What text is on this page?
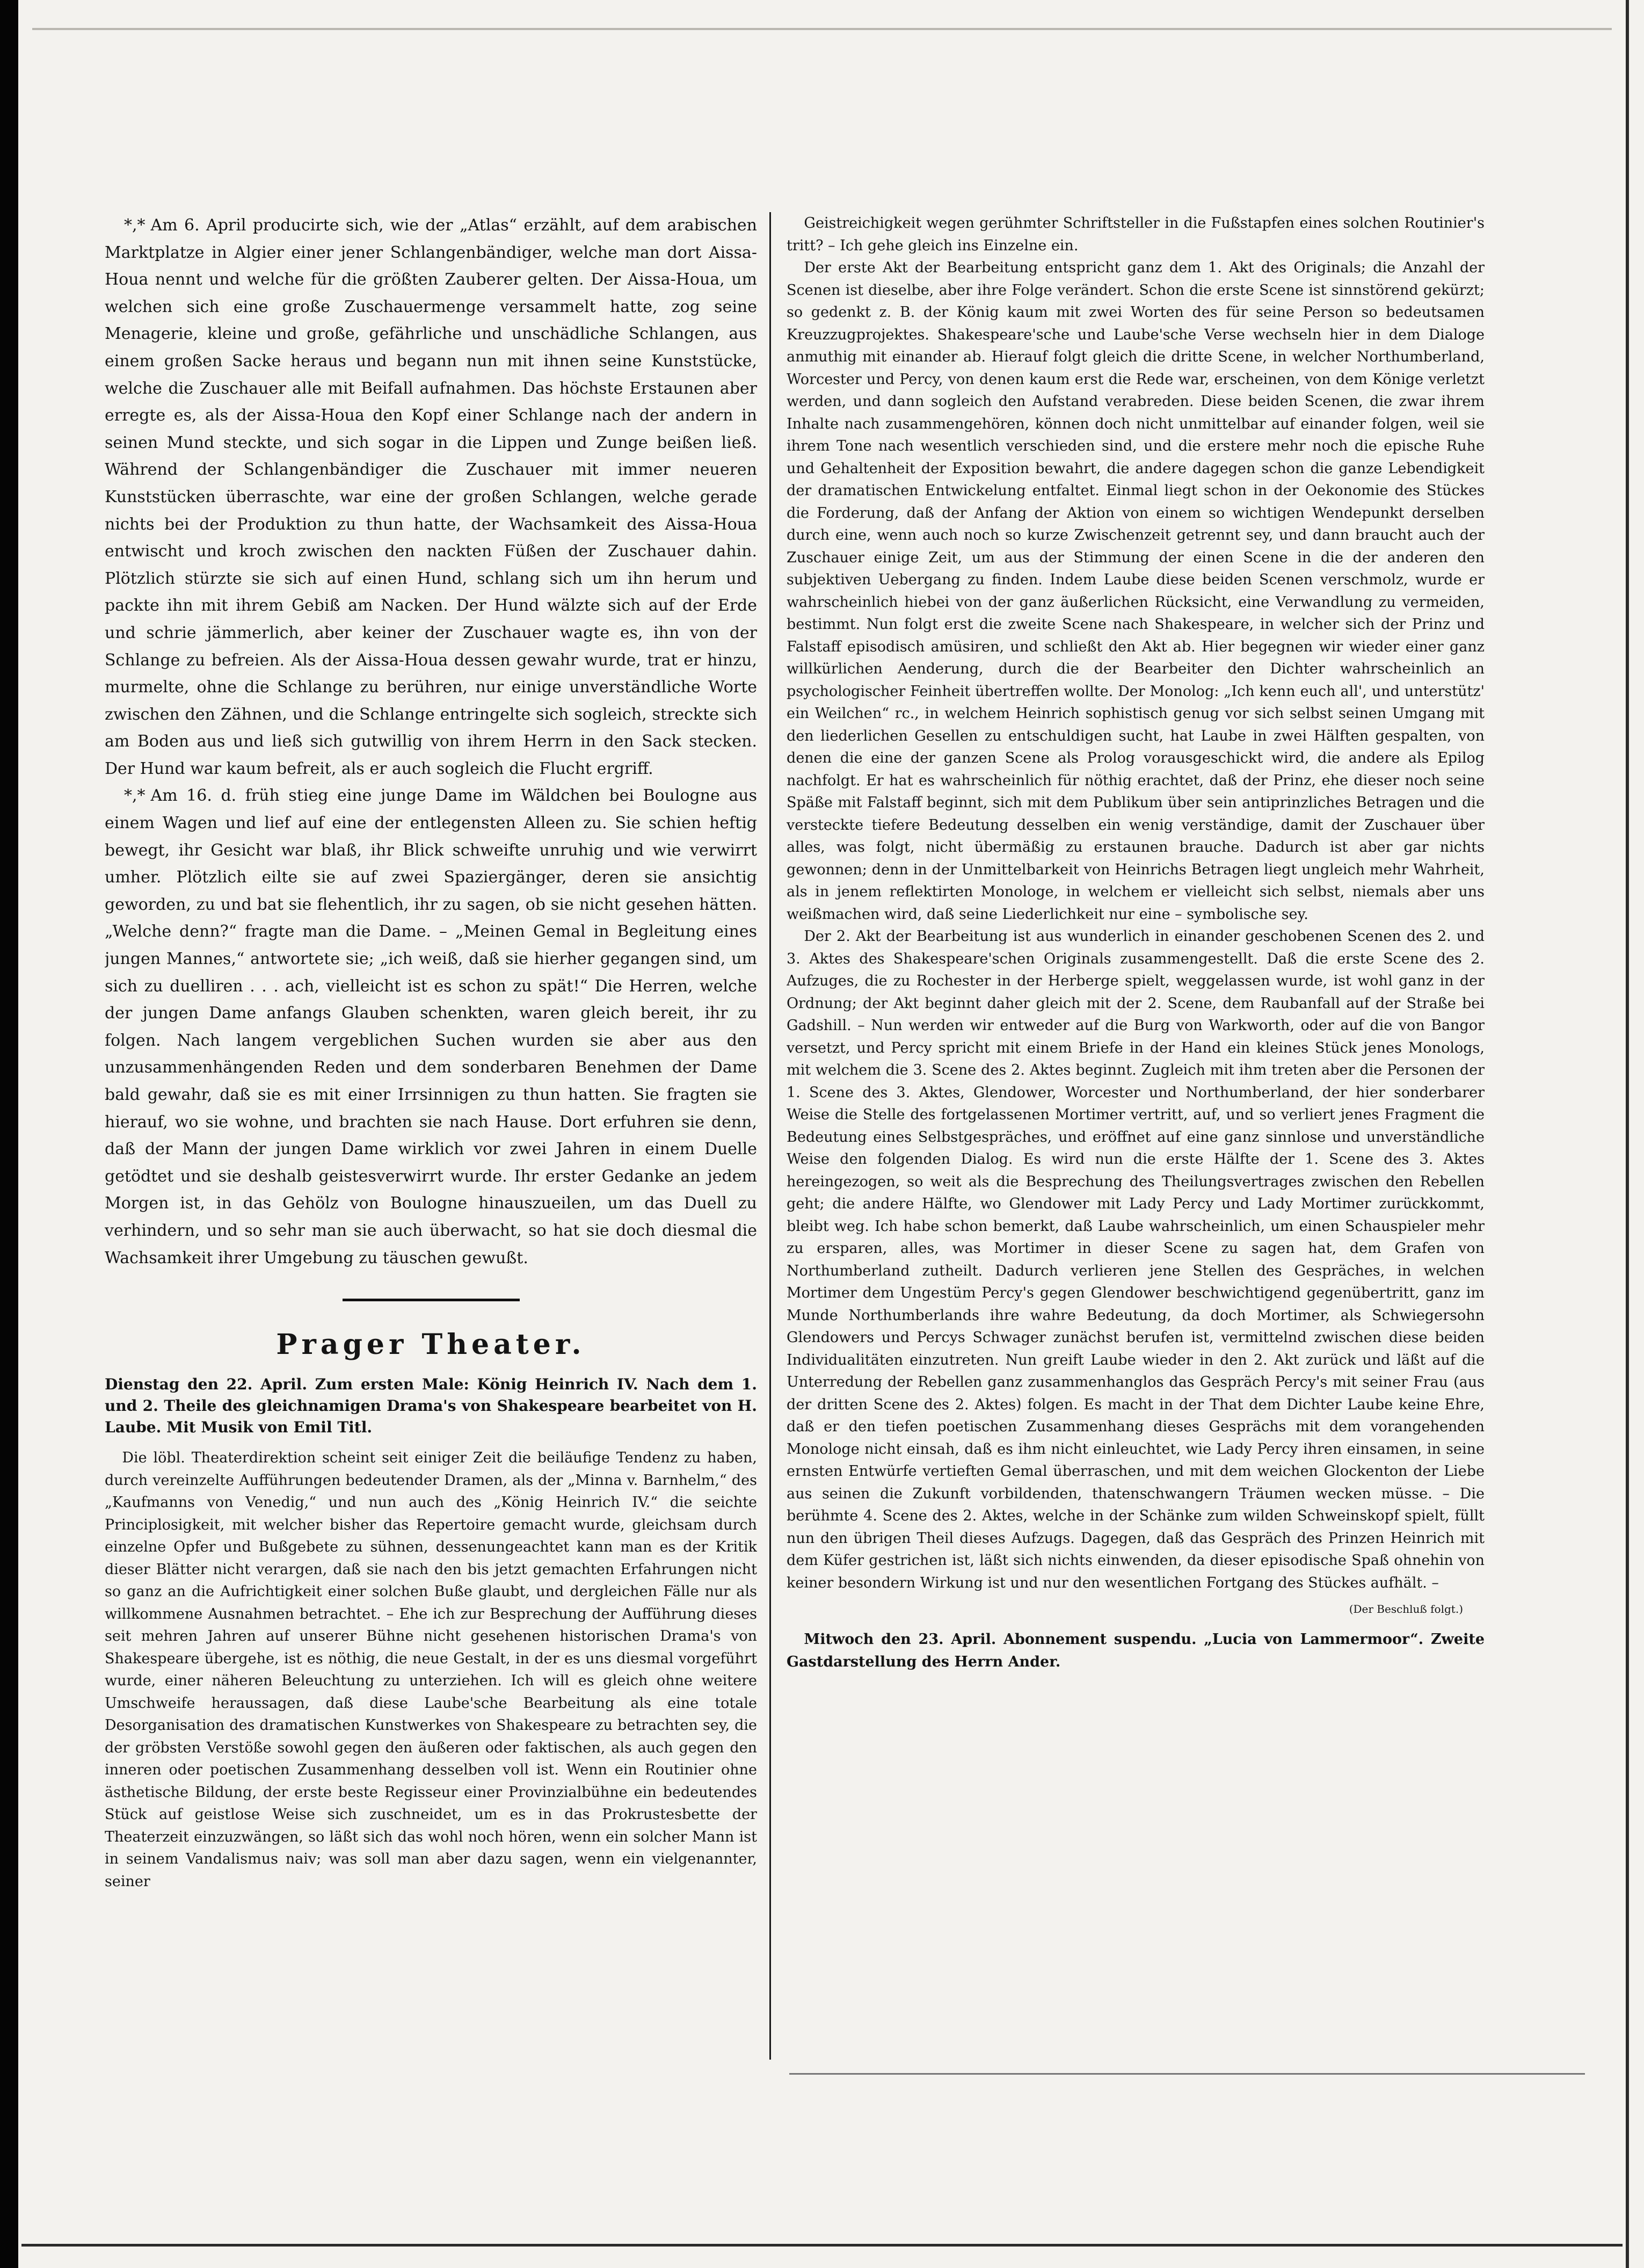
*,* Am 6. April producirte sich, wie der „Atlas“ erzählt, auf dem arabischen Marktplatze in Algier einer jener Schlangenbändiger, welche man dort Aissa-Houa nennt und welche für die größten Zauberer gelten. Der Aissa-Houa, um welchen sich eine große Zuschauermenge versammelt hatte, zog seine Menagerie, kleine und große, gefährliche und unschädliche Schlangen, aus einem großen Sacke heraus und begann nun mit ihnen seine Kunststücke, welche die Zuschauer alle mit Beifall aufnahmen. Das höchste Erstaunen aber erregte es, als der Aissa-Houa den Kopf einer Schlange nach der andern in seinen Mund steckte, und sich sogar in die Lippen und Zunge beißen ließ. Während der Schlangenbändiger die Zuschauer mit immer neueren Kunststücken überraschte, war eine der großen Schlangen, welche gerade nichts bei der Produktion zu thun hatte, der Wachsamkeit des Aissa-Houa entwischt und kroch zwischen den nackten Füßen der Zuschauer dahin. Plötzlich stürzte sie sich auf einen Hund, schlang sich um ihn herum und packte ihn mit ihrem Gebiß am Nacken. Der Hund wälzte sich auf der Erde und schrie jämmerlich, aber keiner der Zuschauer wagte es, ihn von der Schlange zu befreien. Als der Aissa-Houa dessen gewahr wurde, trat er hinzu, murmelte, ohne die Schlange zu berühren, nur einige unverständliche Worte zwischen den Zähnen, und die Schlange entringelte sich sogleich, streckte sich am Boden aus und ließ sich gutwillig von ihrem Herrn in den Sack stecken. Der Hund war kaum befreit, als er auch sogleich die Flucht ergriff.

*,* Am 16. d. früh stieg eine junge Dame im Wäldchen bei Boulogne aus einem Wagen und lief auf eine der entlegensten Alleen zu. Sie schien heftig bewegt, ihr Gesicht war blaß, ihr Blick schweifte unruhig und wie verwirrt umher. Plötzlich eilte sie auf zwei Spaziergänger, deren sie ansichtig geworden, zu und bat sie flehentlich, ihr zu sagen, ob sie nicht gesehen hätten. „Welche denn?“ fragte man die Dame. – „Meinen Gemal in Begleitung eines jungen Mannes,“ antwortete sie; „ich weiß, daß sie hierher gegangen sind, um sich zu duelliren . . . ach, vielleicht ist es schon zu spät!“ Die Herren, welche der jungen Dame anfangs Glauben schenkten, waren gleich bereit, ihr zu folgen. Nach langem vergeblichen Suchen wurden sie aber aus den unzusammenhängenden Reden und dem sonderbaren Benehmen der Dame bald gewahr, daß sie es mit einer Irrsinnigen zu thun hatten. Sie fragten sie hierauf, wo sie wohne, und brachten sie nach Hause. Dort erfuhren sie denn, daß der Mann der jungen Dame wirklich vor zwei Jahren in einem Duelle getödtet und sie deshalb geistesverwirrt wurde. Ihr erster Gedanke an jedem Morgen ist, in das Gehölz von Boulogne hinauszueilen, um das Duell zu verhindern, und so sehr man sie auch überwacht, so hat sie doch diesmal die Wachsamkeit ihrer Umgebung zu täuschen gewußt.

Prager Theater.
Dienstag den 22. April. Zum ersten Male: König Heinrich IV. Nach dem 1. und 2. Theile des gleichnamigen Drama's von Shakespeare bearbeitet von H. Laube. Mit Musik von Emil Titl.

Die löbl. Theaterdirektion scheint seit einiger Zeit die beiläufige Tendenz zu haben, durch vereinzelte Aufführungen bedeutender Dramen, als der „Minna v. Barnhelm,“ des „Kaufmanns von Venedig,“ und nun auch des „König Heinrich IV.“ die seichte Principlosigkeit, mit welcher bisher das Repertoire gemacht wurde, gleichsam durch einzelne Opfer und Bußgebete zu sühnen, dessenungeachtet kann man es der Kritik dieser Blätter nicht verargen, daß sie nach den bis jetzt gemachten Erfahrungen nicht so ganz an die Aufrichtigkeit einer solchen Buße glaubt, und dergleichen Fälle nur als willkommene Ausnahmen betrachtet. – Ehe ich zur Besprechung der Aufführung dieses seit mehren Jahren auf unserer Bühne nicht gesehenen historischen Drama's von Shakespeare übergehe, ist es nöthig, die neue Gestalt, in der es uns diesmal vorgeführt wurde, einer näheren Beleuchtung zu unterziehen. Ich will es gleich ohne weitere Umschweife heraussagen, daß diese Laube'sche Bearbeitung als eine totale Desorganisation des dramatischen Kunstwerkes von Shakespeare zu betrachten sey, die der gröbsten Verstöße sowohl gegen den äußeren oder faktischen, als auch gegen den inneren oder poetischen Zusammenhang desselben voll ist. Wenn ein Routinier ohne ästhetische Bildung, der erste beste Regisseur einer Provinzialbühne ein bedeutendes Stück auf geistlose Weise sich zuschneidet, um es in das Prokrustesbette der Theaterzeit einzuzwängen, so läßt sich das wohl noch hören, wenn ein solcher Mann ist in seinem Vandalismus naiv; was soll man aber dazu sagen, wenn ein vielgenannter, seiner

Geistreichigkeit wegen gerühmter Schriftsteller in die Fußstapfen eines solchen Routinier's tritt? – Ich gehe gleich ins Einzelne ein.

Der erste Akt der Bearbeitung entspricht ganz dem 1. Akt des Originals; die Anzahl der Scenen ist dieselbe, aber ihre Folge verändert. Schon die erste Scene ist sinnstörend gekürzt; so gedenkt z. B. der König kaum mit zwei Worten des für seine Person so bedeutsamen Kreuzzugprojektes. Shakespeare'sche und Laube'sche Verse wechseln hier in dem Dialoge anmuthig mit einander ab. Hierauf folgt gleich die dritte Scene, in welcher Northumberland, Worcester und Percy, von denen kaum erst die Rede war, erscheinen, von dem Könige verletzt werden, und dann sogleich den Aufstand verabreden. Diese beiden Scenen, die zwar ihrem Inhalte nach zusammengehören, können doch nicht unmittelbar auf einander folgen, weil sie ihrem Tone nach wesentlich verschieden sind, und die erstere mehr noch die epische Ruhe und Gehaltenheit der Exposition bewahrt, die andere dagegen schon die ganze Lebendigkeit der dramatischen Entwickelung entfaltet. Einmal liegt schon in der Oekonomie des Stückes die Forderung, daß der Anfang der Aktion von einem so wichtigen Wendepunkt derselben durch eine, wenn auch noch so kurze Zwischenzeit getrennt sey, und dann braucht auch der Zuschauer einige Zeit, um aus der Stimmung der einen Scene in die der anderen den subjektiven Uebergang zu finden. Indem Laube diese beiden Scenen verschmolz, wurde er wahrscheinlich hiebei von der ganz äußerlichen Rücksicht, eine Verwandlung zu vermeiden, bestimmt. Nun folgt erst die zweite Scene nach Shakespeare, in welcher sich der Prinz und Falstaff episodisch amüsiren, und schließt den Akt ab. Hier begegnen wir wieder einer ganz willkürlichen Aenderung, durch die der Bearbeiter den Dichter wahrscheinlich an psychologischer Feinheit übertreffen wollte. Der Monolog: „Ich kenn euch all', und unterstütz' ein Weilchen“ rc., in welchem Heinrich sophistisch genug vor sich selbst seinen Umgang mit den liederlichen Gesellen zu entschuldigen sucht, hat Laube in zwei Hälften gespalten, von denen die eine der ganzen Scene als Prolog vorausgeschickt wird, die andere als Epilog nachfolgt. Er hat es wahrscheinlich für nöthig erachtet, daß der Prinz, ehe dieser noch seine Späße mit Falstaff beginnt, sich mit dem Publikum über sein antiprinzliches Betragen und die versteckte tiefere Bedeutung desselben ein wenig verständige, damit der Zuschauer über alles, was folgt, nicht übermäßig zu erstaunen brauche. Dadurch ist aber gar nichts gewonnen; denn in der Unmittelbarkeit von Heinrichs Betragen liegt ungleich mehr Wahrheit, als in jenem reflektirten Monologe, in welchem er vielleicht sich selbst, niemals aber uns weißmachen wird, daß seine Liederlichkeit nur eine – symbolische sey.

Der 2. Akt der Bearbeitung ist aus wunderlich in einander geschobenen Scenen des 2. und 3. Aktes des Shakespeare'schen Originals zusammengestellt. Daß die erste Scene des 2. Aufzuges, die zu Rochester in der Herberge spielt, weggelassen wurde, ist wohl ganz in der Ordnung; der Akt beginnt daher gleich mit der 2. Scene, dem Raubanfall auf der Straße bei Gadshill. – Nun werden wir entweder auf die Burg von Warkworth, oder auf die von Bangor versetzt, und Percy spricht mit einem Briefe in der Hand ein kleines Stück jenes Monologs, mit welchem die 3. Scene des 2. Aktes beginnt. Zugleich mit ihm treten aber die Personen der 1. Scene des 3. Aktes, Glendower, Worcester und Northumberland, der hier sonderbarer Weise die Stelle des fortgelassenen Mortimer vertritt, auf, und so verliert jenes Fragment die Bedeutung eines Selbstgespräches, und eröffnet auf eine ganz sinnlose und unverständliche Weise den folgenden Dialog. Es wird nun die erste Hälfte der 1. Scene des 3. Aktes hereingezogen, so weit als die Besprechung des Theilungsvertrages zwischen den Rebellen geht; die andere Hälfte, wo Glendower mit Lady Percy und Lady Mortimer zurückkommt, bleibt weg. Ich habe schon bemerkt, daß Laube wahrscheinlich, um einen Schauspieler mehr zu ersparen, alles, was Mortimer in dieser Scene zu sagen hat, dem Grafen von Northumberland zutheilt. Dadurch verlieren jene Stellen des Gespräches, in welchen Mortimer dem Ungestüm Percy's gegen Glendower beschwichtigend gegenübertritt, ganz im Munde Northumberlands ihre wahre Bedeutung, da doch Mortimer, als Schwiegersohn Glendowers und Percys Schwager zunächst berufen ist, vermittelnd zwischen diese beiden Individualitäten einzutreten. Nun greift Laube wieder in den 2. Akt zurück und läßt auf die Unterredung der Rebellen ganz zusammenhanglos das Gespräch Percy's mit seiner Frau (aus der dritten Scene des 2. Aktes) folgen. Es macht in der That dem Dichter Laube keine Ehre, daß er den tiefen poetischen Zusammenhang dieses Gesprächs mit dem vorangehenden Monologe nicht einsah, daß es ihm nicht einleuchtet, wie Lady Percy ihren einsamen, in seine ernsten Entwürfe vertieften Gemal überraschen, und mit dem weichen Glockenton der Liebe aus seinen die Zukunft vorbildenden, thatenschwangern Träumen wecken müsse. – Die berühmte 4. Scene des 2. Aktes, welche in der Schänke zum wilden Schweinskopf spielt, füllt nun den übrigen Theil dieses Aufzugs. Dagegen, daß das Gespräch des Prinzen Heinrich mit dem Küfer gestrichen ist, läßt sich nichts einwenden, da dieser episodische Spaß ohnehin von keiner besondern Wirkung ist und nur den wesentlichen Fortgang des Stückes aufhält. –

(Der Beschluß folgt.)

Mitwoch den 23. April. Abonnement suspendu. „Lucia von Lammermoor“. Zweite Gastdarstellung des Herrn Ander.
